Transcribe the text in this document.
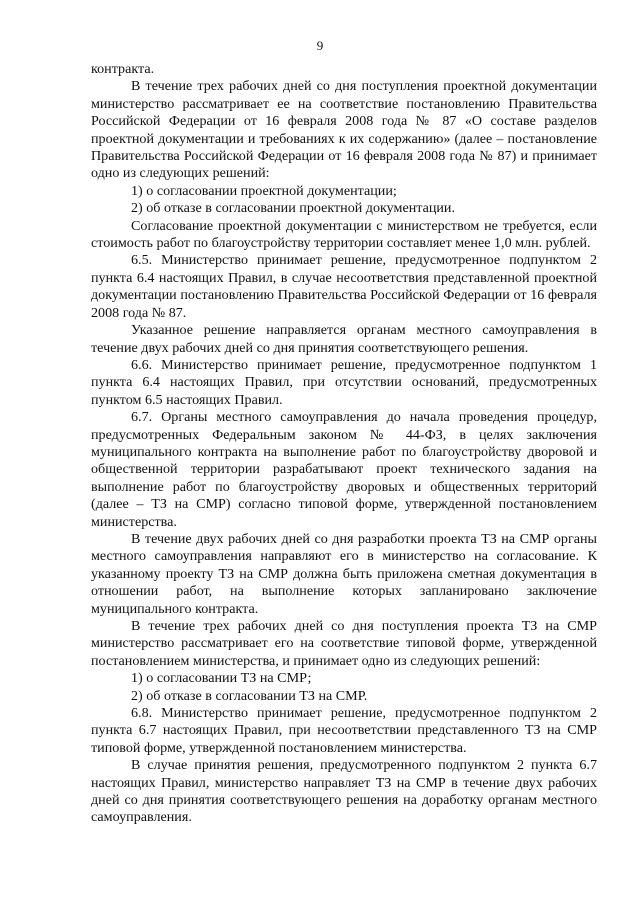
9

контракта.

В течение трех рабочих дней со дня поступления проектной документации министерство рассматривает ее на соответствие постановлению Правительства Российской Федерации от 16 февраля 2008 года № 87 «О составе разделов проектной документации и требованиях к их содержанию» (далее – постановление Правительства Российской Федерации от 16 февраля 2008 года № 87) и принимает одно из следующих решений:

1) о согласовании проектной документации;

2) об отказе в согласовании проектной документации.

Согласование проектной документации с министерством не требуется, если стоимость работ по благоустройству территории составляет менее 1,0 млн. рублей.

6.5. Министерство принимает решение, предусмотренное подпунктом 2 пункта 6.4 настоящих Правил, в случае несоответствия представленной проектной документации постановлению Правительства Российской Федерации от 16 февраля 2008 года № 87.

Указанное решение направляется органам местного самоуправления в течение двух рабочих дней со дня принятия соответствующего решения.

6.6. Министерство принимает решение, предусмотренное подпунктом 1 пункта 6.4 настоящих Правил, при отсутствии оснований, предусмотренных пунктом 6.5 настоящих Правил.

6.7. Органы местного самоуправления до начала проведения процедур, предусмотренных Федеральным законом № 44-ФЗ, в целях заключения муниципального контракта на выполнение работ по благоустройству дворовой и общественной территории разрабатывают проект технического задания на выполнение работ по благоустройству дворовых и общественных территорий (далее – ТЗ на СМР) согласно типовой форме, утвержденной постановлением министерства.

В течение двух рабочих дней со дня разработки проекта ТЗ на СМР органы местного самоуправления направляют его в министерство на согласование. К указанному проекту ТЗ на СМР должна быть приложена сметная документация в отношении работ, на выполнение которых запланировано заключение муниципального контракта.

В течение трех рабочих дней со дня поступления проекта ТЗ на СМР министерство рассматривает его на соответствие типовой форме, утвержденной постановлением министерства, и принимает одно из следующих решений:

1) о согласовании ТЗ на СМР;

2) об отказе в согласовании ТЗ на СМР.

6.8. Министерство принимает решение, предусмотренное подпунктом 2 пункта 6.7 настоящих Правил, при несоответствии представленного ТЗ на СМР типовой форме, утвержденной постановлением министерства.

В случае принятия решения, предусмотренного подпунктом 2 пункта 6.7 настоящих Правил, министерство направляет ТЗ на СМР в течение двух рабочих дней со дня принятия соответствующего решения на доработку органам местного самоуправления.
